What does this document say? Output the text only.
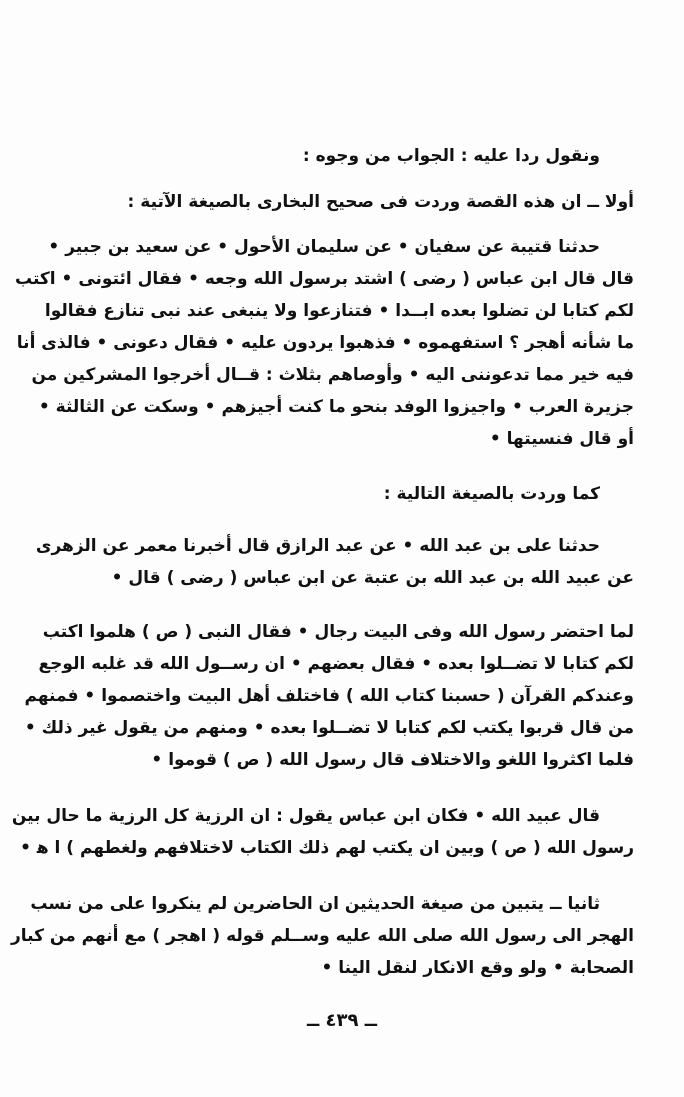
ونقول ردا عليه : الجواب من وجوه :
أولا ــ ان هذه القصة وردت فى صحيح البخارى بالصيغة الآتية :
حدثنا قتيبة عن سفيان • عن سليمان الأحول • عن سعيد بن جبير •
قال قال ابن عباس ( رضى ) اشتد برسول الله وجعه • فقال ائتونى • اكتب
لكم كتابا لن تضلوا بعده ابــدا • فتنازعوا ولا ينبغى عند نبى تنازع فقالوا
ما شأنه أهجر ؟ استفهموه • فذهبوا يردون عليه • فقال دعونى • فالذى أنا
فيه خير مما تدعوننى اليه • وأوصاهم بثلاث : قــال أخرجوا المشركين من
جزيرة العرب • واجيزوا الوفد بنحو ما كنت أجيزهم • وسكت عن الثالثة •
أو قال فنسيتها •
كما وردت بالصيغة التالية :
حدثنا على بن عبد الله • عن عبد الرازق قال أخبرنا معمر عن الزهرى
عن عبيد الله بن عبد الله بن عتبة عن ابن عباس ( رضى ) قال •
لما احتضر رسول الله وفى البيت رجال • فقال النبى ( ص ) هلموا اكتب
لكم كتابا لا تضــلوا بعده • فقال بعضهم • ان رســول الله قد غلبه الوجع
وعندكم القرآن ( حسبنا كتاب الله ) فاختلف أهل البيت واختصموا • فمنهم
من قال قربوا يكتب لكم كتابا لا تضــلوا بعده • ومنهم من يقول غير ذلك •
فلما اكثروا اللغو والاختلاف قال رسول الله ( ص ) قوموا •
قال عبيد الله • فكان ابن عباس يقول : ان الرزية كل الرزية ما حال بين
رسول الله ( ص ) وبين ان يكتب لهم ذلك الكتاب لاختلافهم ولغطهم ) ا ﻫ •
ثانيا ــ يتبين من صيغة الحديثين ان الحاضرين لم ينكروا على من نسب
الهجر الى رسول الله صلى الله عليه وســلم قوله ( اهجر ) مع أنهم من كبار
الصحابة • ولو وقع الانكار لنقل الينا •
ــ ٤٣٩ ــ
